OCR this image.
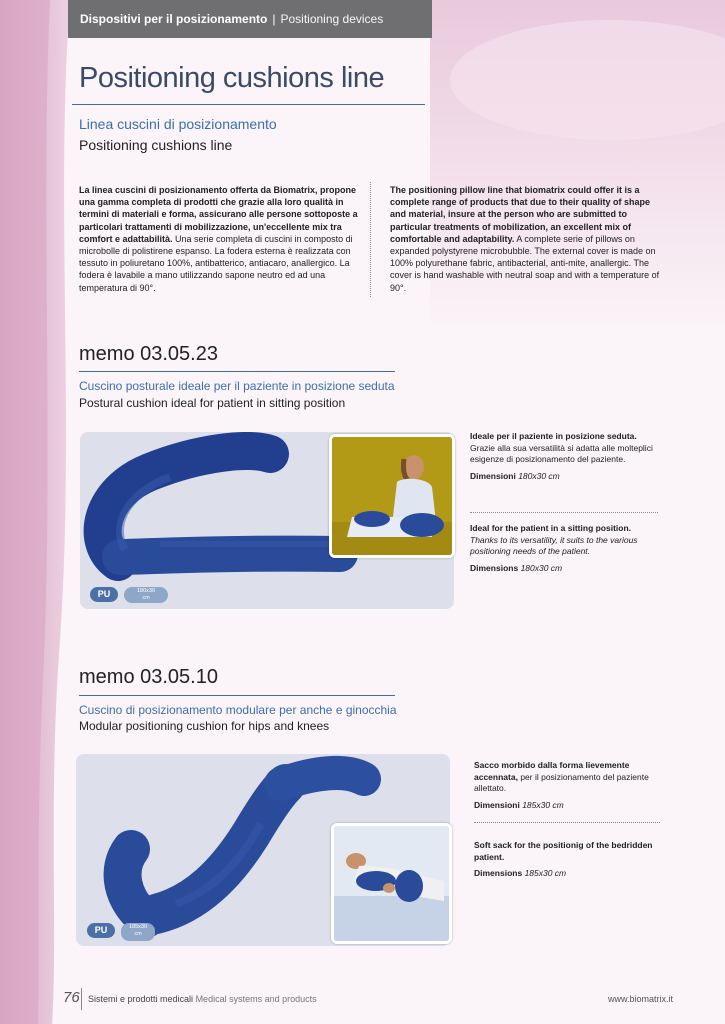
Dispositivi per il posizionamento | Positioning devices
Positioning cushions line
Linea cuscini di posizionamento
Positioning cushions line
La linea cuscini di posizionamento offerta da Biomatrix, propone una gamma completa di prodotti che grazie alla loro qualità in termini di materiali e forma, assicurano alle persone sottoposte a particolari trattamenti di mobilizzazione, un'eccellente mix tra comfort e adattabilità. Una serie completa di cuscini in composto di microbolle di polistirene espanso. La fodera esterna è realizzata con tessuto in poliuretano 100%, antibatterico, antiacaro, anallergico. La fodera è lavabile a mano utilizzando sapone neutro ed ad una temperatura di 90°.
The positioning pillow line that biomatrix could offer it is a complete range of products that due to their quality of shape and material, insure at the person who are submitted to particular treatments of mobilization, an excellent mix of comfortable and adaptability. A complete serie of pillows on expanded polystyrene microbubble. The external cover is made on 100% polyurethane fabric, antibacterial, anti-mite, anallergic. The cover is hand washable with neutral soap and with a temperature of 90°.
memo 03.05.23
Cuscino posturale ideale per il paziente in posizione seduta
Postural cushion ideal for patient in sitting position
PU	180x30
cm
Ideale per il paziente in posizione seduta.
Grazie alla sua versatilità si adatta alle molteplici esigenze di posizionamento del paziente.
Dimensioni 180x30 cm
Ideal for the patient in a sitting position.
Thanks to its versatility, it suits to the various positioning needs of the patient.
Dimensions 180x30 cm
memo 03.05.10
Cuscino di posizionamento modulare per anche e ginocchia
Modular positioning cushion for hips and knees
PU	185x30
cm
Sacco morbido dalla forma lievemente accennata, per il posizionamento del paziente allettato.
Dimensioni 185x30 cm
Soft sack for the positionig of the bedridden patient.
Dimensions 185x30 cm
76 Sistemi e prodotti medicali Medical systems and products	www.biomatrix.it
